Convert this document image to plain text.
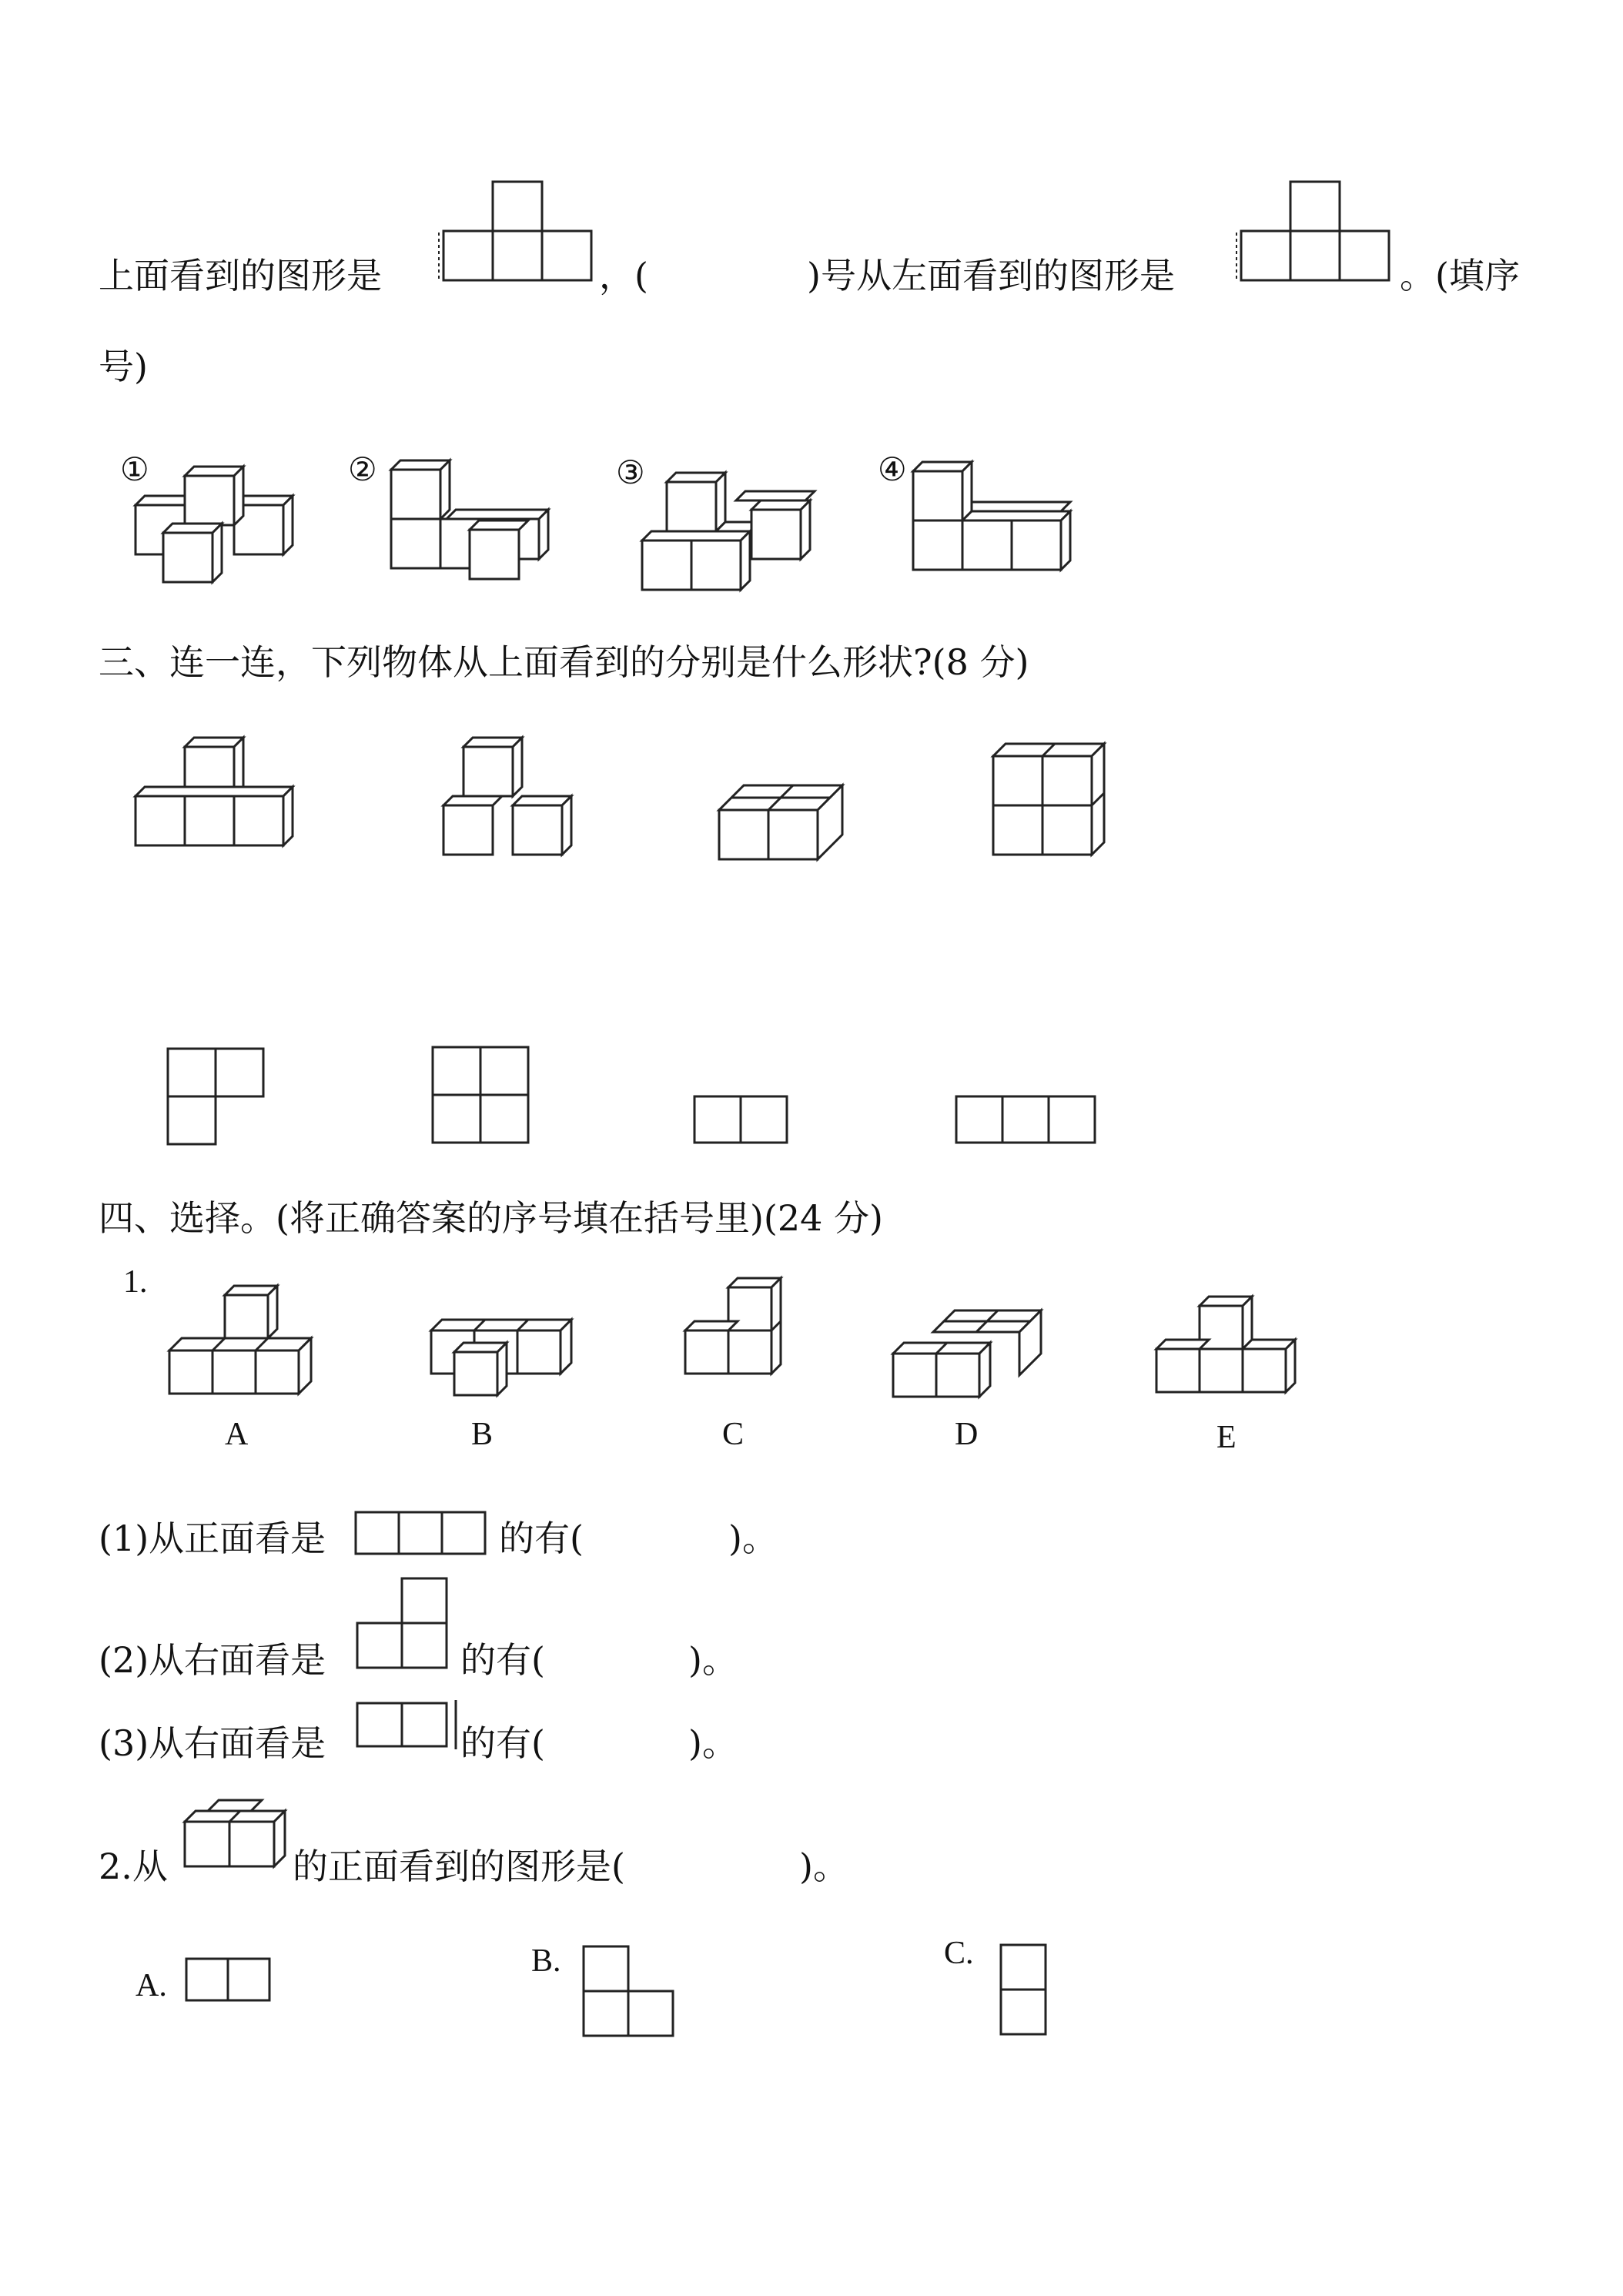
上面看到的图形是	，(	)号从左面看到的图形是	。(填序
号)
①	②	③	④
三、连一连，下列物体从上面看到的分别是什么形状?(8 分)
四、选择。(将正确答案的序号填在括号里)(24 分)
1.
A	B	C	D	E
(1)从正面看是	的有(	)。
(2)从右面看是	的有(	)。
(3)从右面看是	的有(	)。
2.从	的正面看到的图形是(	)。
A.
B.	C.
